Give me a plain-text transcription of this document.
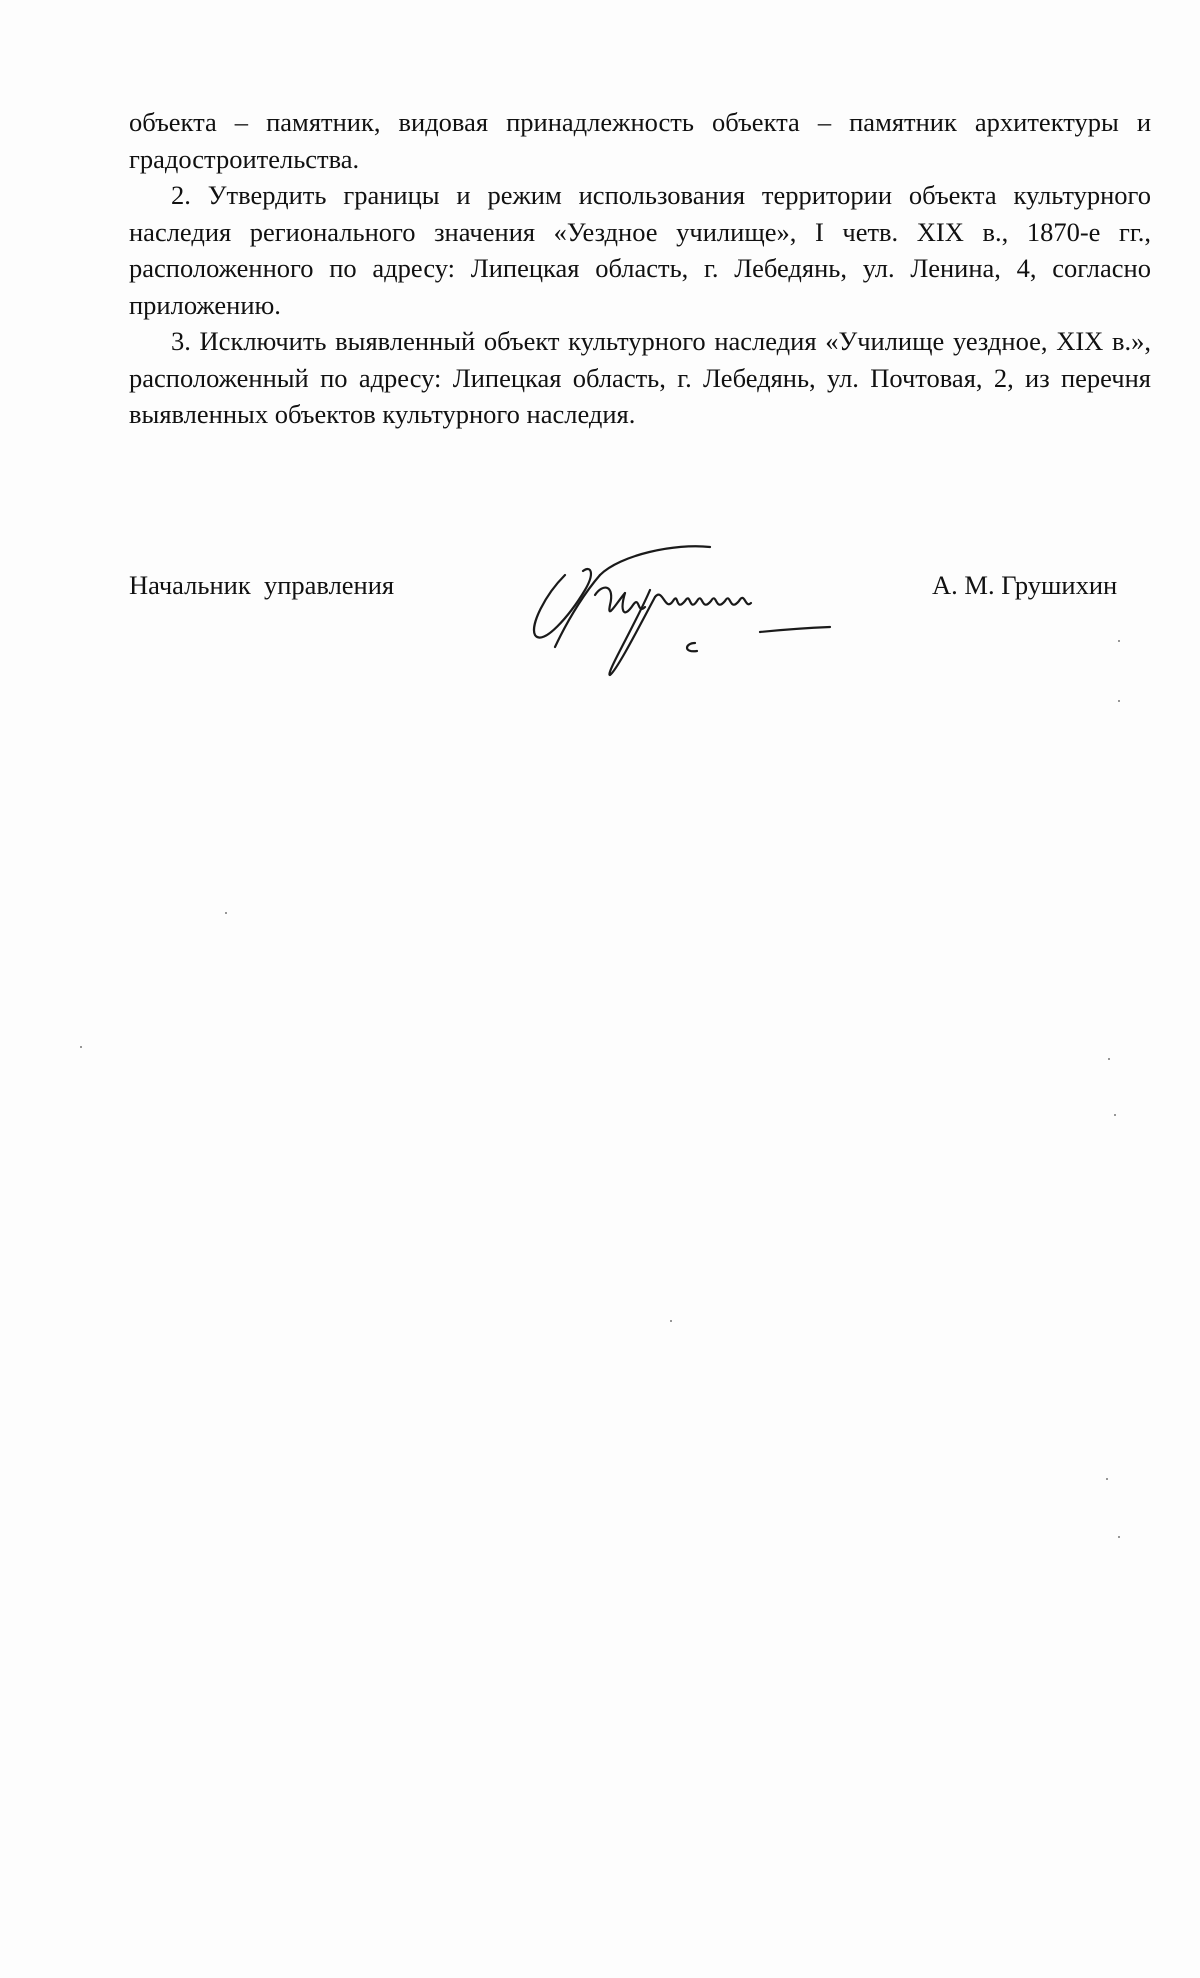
объекта – памятник, видовая принадлежность объекта – памятник архитектуры и градостроительства.

2. Утвердить границы и режим использования территории объекта культурного наследия регионального значения «Уездное училище», I четв. XIX в., 1870-е гг., расположенного по адресу: Липецкая область, г. Лебедянь, ул. Ленина, 4, согласно приложению.

3. Исключить выявленный объект культурного наследия «Училище уездное, XIX в.», расположенный по адресу: Липецкая область, г. Лебедянь, ул. Почтовая, 2, из перечня выявленных объектов культурного наследия.

Начальник  управления	А. М. Грушихин
